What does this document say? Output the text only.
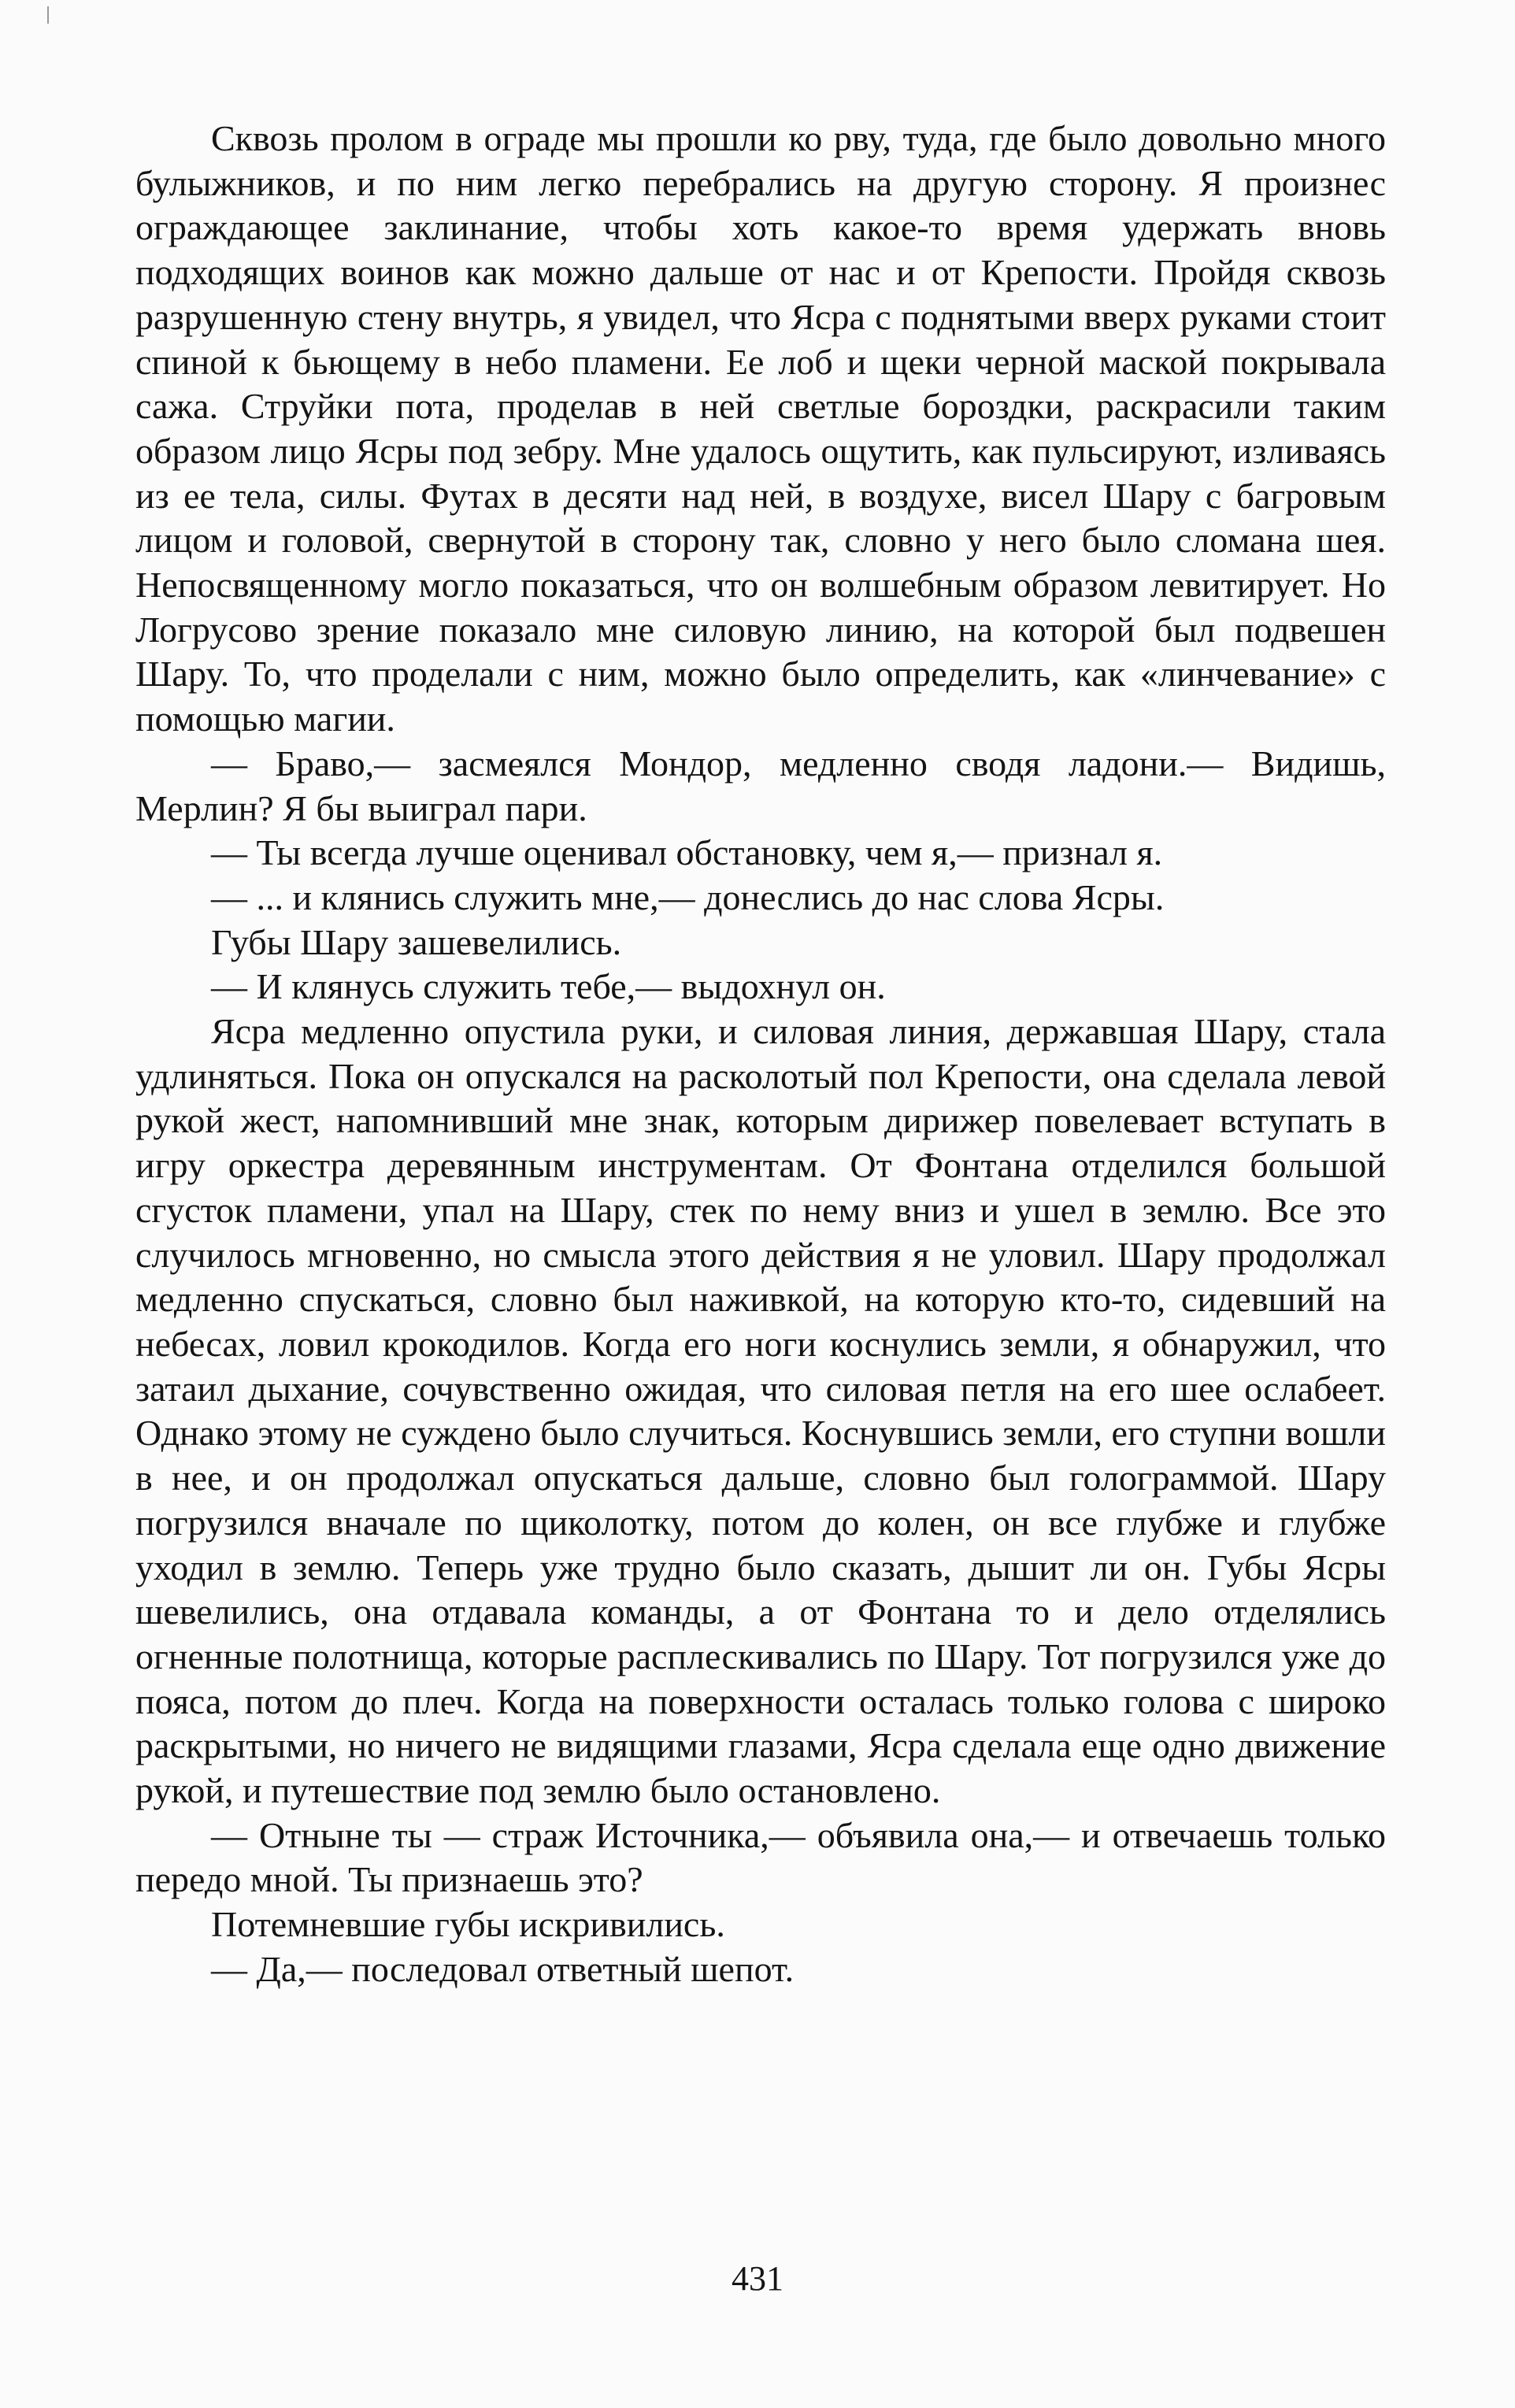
Сквозь пролом в ограде мы прошли ко рву, туда, где было довольно много булыжников, и по ним легко перебрались на другую сторону. Я произнес ограждающее заклинание, чтобы хоть какое-то время удержать вновь подходящих воинов как можно дальше от нас и от Крепости. Пройдя сквозь разрушенную стену внутрь, я увидел, что Ясра с поднятыми вверх руками стоит спиной к бьющему в небо пламени. Ее лоб и щеки черной маской покрывала сажа. Струйки пота, проделав в ней светлые бороздки, раскрасили таким образом лицо Ясры под зебру. Мне удалось ощутить, как пульсируют, изливаясь из ее тела, силы. Футах в десяти над ней, в воздухе, висел Шару с багровым лицом и головой, свернутой в сторону так, словно у него было сломана шея. Непосвященному могло показаться, что он волшебным образом левитирует. Но Логрусово зрение показало мне силовую линию, на которой был подвешен Шару. То, что проделали с ним, можно было определить, как «линчевание» с помощью магии.

— Браво,— засмеялся Мондор, медленно сводя ладони.— Видишь, Мерлин? Я бы выиграл пари.

— Ты всегда лучше оценивал обстановку, чем я,— признал я.

— ... и клянись служить мне,— донеслись до нас слова Ясры.

Губы Шару зашевелились.

— И клянусь служить тебе,— выдохнул он.

Ясра медленно опустила руки, и силовая линия, державшая Шару, стала удлиняться. Пока он опускался на расколотый пол Крепости, она сделала левой рукой жест, напомнивший мне знак, которым дирижер повелевает вступать в игру оркестра деревянным инструментам. От Фонтана отделился большой сгусток пламени, упал на Шару, стек по нему вниз и ушел в землю. Все это случилось мгновенно, но смысла этого действия я не уловил. Шару продолжал медленно спускаться, словно был наживкой, на которую кто-то, сидевший на небесах, ловил крокодилов. Когда его ноги коснулись земли, я обнаружил, что затаил дыхание, сочувственно ожидая, что силовая петля на его шее ослабеет. Однако этому не суждено было случиться. Коснувшись земли, его ступни вошли в нее, и он продолжал опускаться дальше, словно был голограммой. Шару погрузился вначале по щиколотку, потом до колен, он все глубже и глубже уходил в землю. Теперь уже трудно было сказать, дышит ли он. Губы Ясры шевелились, она отдавала команды, а от Фонтана то и дело отделялись огненные полотнища, которые расплескивались по Шару. Тот погрузился уже до пояса, потом до плеч. Когда на поверхности осталась только голова с широко раскрытыми, но ничего не видящими глазами, Ясра сделала еще одно движение рукой, и путешествие под землю было остановлено.

— Отныне ты — страж Источника,— объявила она,— и отвечаешь только передо мной. Ты признаешь это?

Потемневшие губы искривились.

— Да,— последовал ответный шепот.

431
